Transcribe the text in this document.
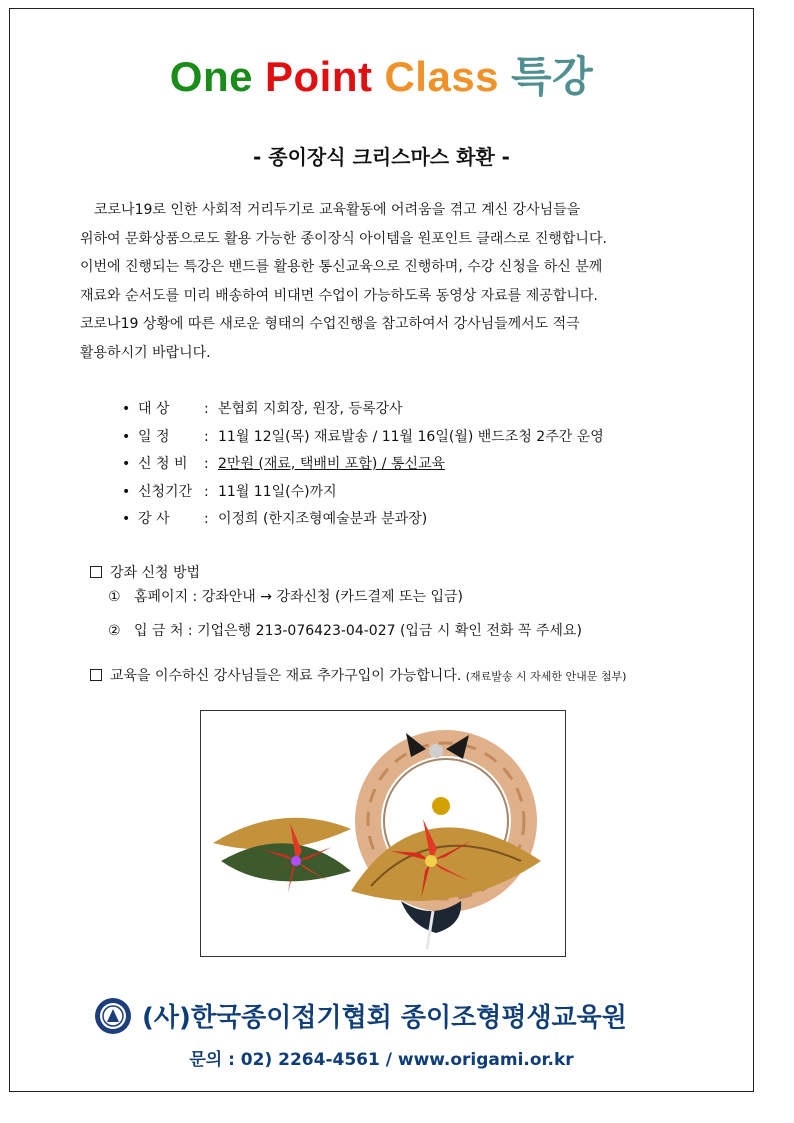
One Point Class 특강
- 종이장식 크리스마스 화환 -

코로나19로 인한 사회적 거리두기로 교육활동에 어려움을 겪고 계신 강사님들을

위하여 문화상품으로도 활용 가능한 종이장식 아이템을 원포인트 클래스로 진행합니다.

이번에 진행되는 특강은 밴드를 활용한 통신교육으로 진행하며, 수강 신청을 하신 분께

재료와 순서도를 미리 배송하여 비대면 수업이 가능하도록 동영상 자료를 제공합니다.

코로나19 상황에 따른 새로운 형태의 수업진행을 참고하여서 강사님들께서도 적극

활용하시기 바랍니다.

• 대 상 : 본협회 지회장, 원장, 등록강사
• 일 정 : 11월 12일(목) 재료발송 / 11월 16일(월) 밴드조청 2주간 운영
• 신 청 비 : 2만원 (재료, 택배비 포함) / 통신교육
• 신청기간 : 11월 11일(수)까지
• 강 사 : 이정희 (한지조형예술분과 분과장)
강좌 신청 방법
① 홈페이지 : 강좌안내 → 강좌신청 (카드결제 또는 입금)
② 입 금 처 : 기업은행 213-076423-04-027 (입금 시 확인 전화 꼭 주세요)
교육을 이수하신 강사님들은 재료 추가구입이 가능합니다. (재료발송 시 자세한 안내문 첨부)
(사)한국종이접기협회 종이조형평생교육원
문의 : 02) 2264-4561 / www.origami.or.kr
